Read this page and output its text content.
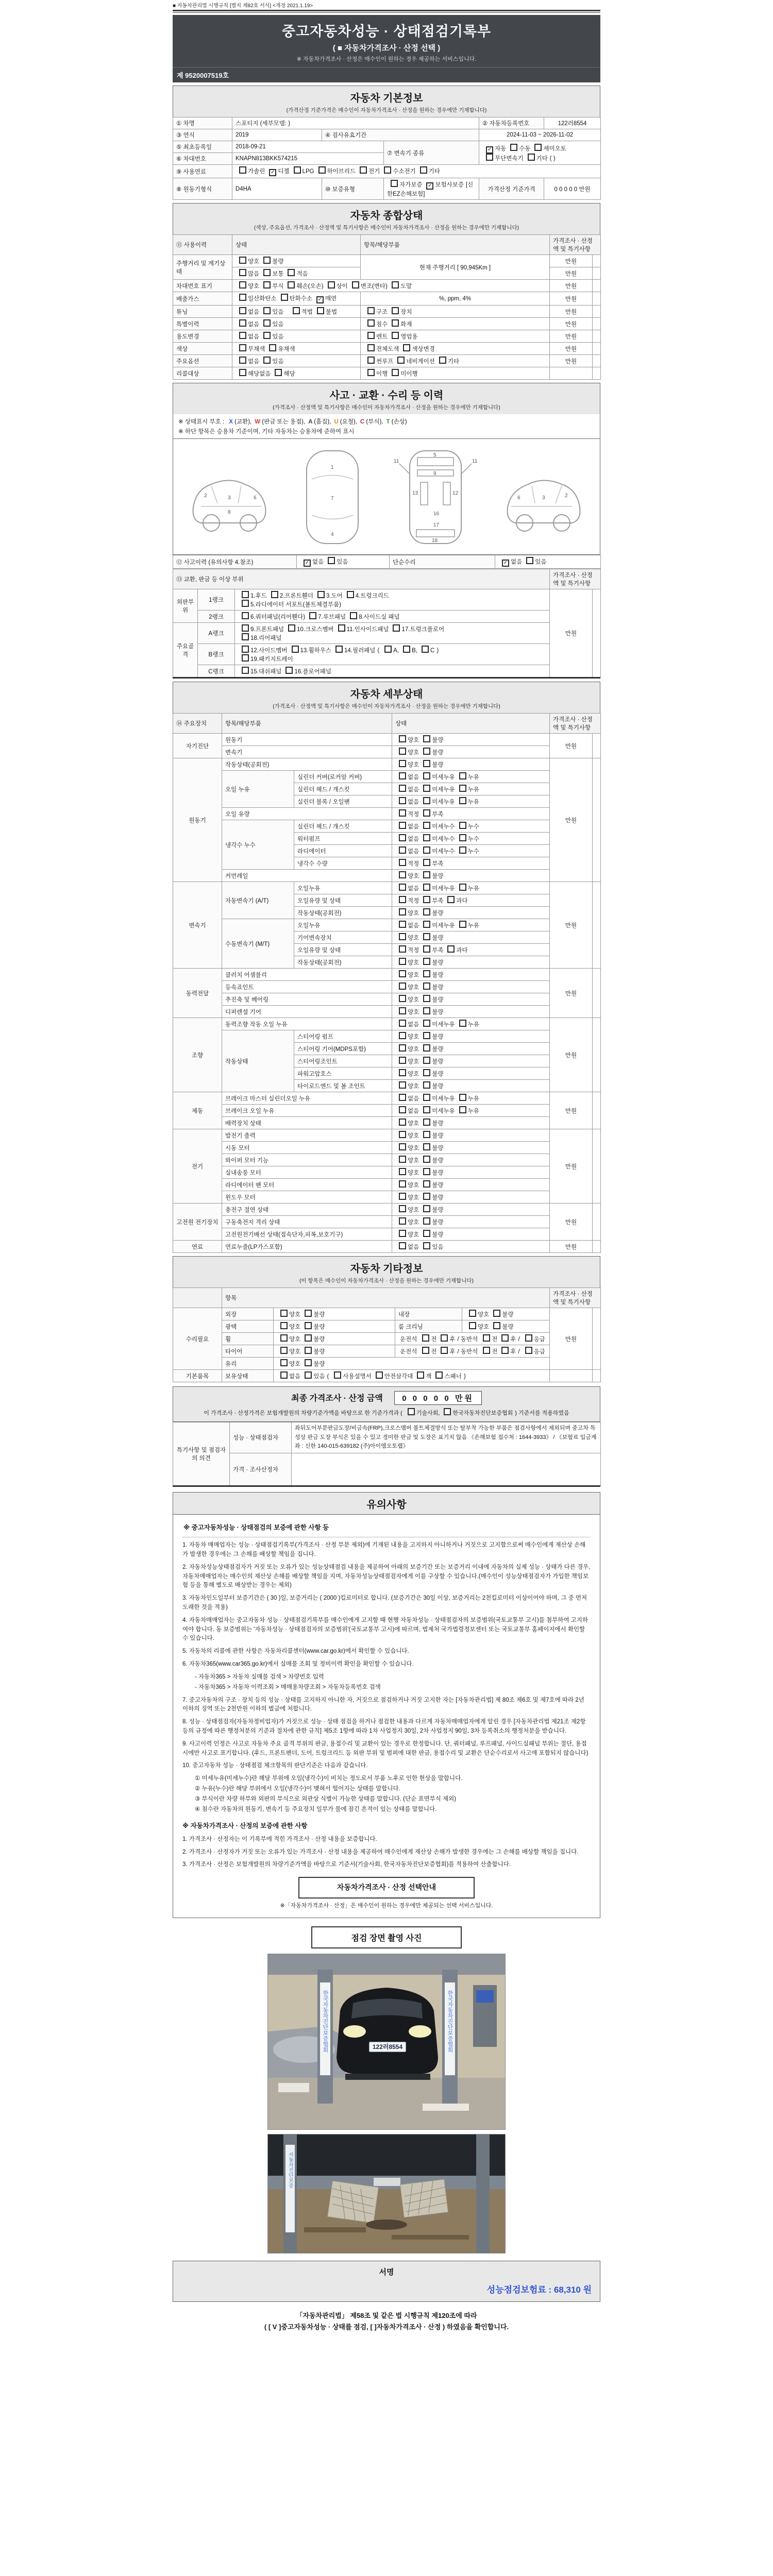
■ 자동차관리법 시행규칙 [별지 제82호 서식] <개정 2021.1.19>
중고자동차성능 · 상태점검기록부
( ■ 자동차가격조사 · 산정 선택 )
※ 자동차가격조사 · 산정은 매수인이 원하는 경우 제공하는 서비스입니다.
제 9520007519호
자동차 기본정보
(가격산정 기준가격은 매수인이 자동차가격조사 · 산정을 원하는 경우에만 기재합니다)
① 차명	스포티지 (세부모델: )			② 자동차등록번호	122러8554
③ 연식	2019	④ 검사유효기간		2024-11-03 ~ 2026-11-02	
⑤ 최초등록일	2018-09-21		⑦ 변속기 종류	✓자동 수동 세미오토
무단변속기 기타 ( )
⑥ 차대번호	KNAPN813BKK574215				
⑨ 사용연료	가솔린 ✓ 디젤 LPG 하이브리드 전기 수소전기 기타
⑧ 원동기형식	D4HA	⑩ 보증유형	자가보증 ✓ 보험사보증 [신한EZ손해보험]	가격산정 기준가격	0 0 0 0 0 만원
자동차 종합상태
(색상, 주요옵션, 가격조사 · 산정액 및 특기사항은 매수인이 자동차가격조사 · 산정을 원하는 경우에만 기재합니다)
⑪ 사용이력	상태	항목/해당부품	가격조사 · 산정액 및 특기사항	
주행거리 및 계기상태	양호 불량	현재 주행거리 [ 90,945Km ]	만원	
	많음 보통 적음		만원	
차대번호 표기	양호 부식 훼손(오손) 상이 변조(변타) 도말		만원	
배출가스	일산화탄소 탄화수소 ✓ 매연	%, ppm, 4%	만원	
튜닝	없음 있음 적법 불법	구조 장치	만원	
특별이력	없음 있음	침수 화재	만원	
용도변경	없음 있음	렌트 영업용	만원	
색상	무채색 유채색	전체도색 색상변경	만원	
주요옵션	없음 있음	썬루프 네비게이션 기타	만원	
리콜대상	해당없음 해당	이행 미이행		
사고 · 교환 · 수리 등 이력
(가격조사 · 산정액 및 특기사항은 매수인이 자동차가격조사 · 산정을 원하는 경우에만 기재합니다)
※ 상태표시 부호 : X (교환), W (판금 또는 용접), A (흠집), U (요철), C (부식), T (손상)
※ 하단 항목은 승용차 기준이며, 기타 자동차는 승용차에 준하여 표시
2	3	6
8
1
7
4
11
5
9
11
13	12
16
17
18
2
3
6
⑫ 사고이력 (유의사항 4.참조)	✓없음 있음	단순수리	✓없음 있음
⑬ 교환, 판금 등 이상 부위			가격조사 · 산정액 및 특기사항	
외판부위	1랭크	1.후드 2.프론트휀더 3.도어 4.트렁크리드
5.라디에이터 서포트(볼트체결부품)	만원	
	2랭크	6.쿼터패널(리어휀다) 7.루브패널 8.사이드실 패널		
주요골격	A랭크	9.프론트패널 10.크로스멤버 11.인사이드패널 17.트렁크플로어
18.리어패널		
	B랭크	12.사이드멤버 13.휠하우스 14.필러패널 ( A, B, C )
19.패키지트레이		
	C랭크	15.대쉬패널 16.플로어패널		
자동차 세부상태
(가격조사 · 산정액 및 특기사항은 매수인이 자동차가격조사 · 산정을 원하는 경우에만 기재합니다)
⑭ 주요장치	항목/해당부품		상태	가격조사 · 산정액 및 특기사항	
자기진단	원동기		양호 불량	만원	
	변속기		양호 불량		
원동기	작동상태(공회전)		양호 불량	만원	
	오일 누유	실린더 커버(로커암 커버)	없음 미세누유 누유		
		실린더 헤드 / 개스킷	없음 미세누유 누유		
		실린더 블록 / 오일팬	없음 미세누유 누유		
	오일 유량		적정 부족		
	냉각수 누수	실린더 헤드 / 개스킷	없음 미세누수 누수		
		워터펌프	없음 미세누수 누수		
		라디에이터	없음 미세누수 누수		
		냉각수 수량	적정 부족		
	커먼레일		양호 불량		
변속기	자동변속기 (A/T)	오일누유	없음 미세누유 누유	만원	
		오일유량 및 상태	적정 부족 과다		
		작동상태(공회전)	양호 불량		
	수동변속기 (M/T)	오일누유	없음 미세누유 누유		
		기어변속장치	양호 불량		
		오일유량 및 상태	적정 부족 과다		
		작동상태(공회전)	양호 불량		
동력전달	클러치 어셈블리		양호 불량	만원	
	등속죠인트		양호 불량		
	추진축 및 베어링		양호 불량		
	디퍼렌셜 기어		양호 불량		
조향	동력조향 작동 오일 누유		없음 미세누유 누유	만원	
	작동상태	스티어링 펌프	양호 불량		
		스티어링 기어(MDPS포함)	양호 불량		
		스티어링조인트	양호 불량		
		파워고압호스	양호 불량		
		타이로드엔드 및 볼 조인트	양호 불량		
제동	브레이크 마스터 실린더오일 누유		없음 미세누유 누유	만원	
	브레이크 오일 누유		없음 미세누유 누유		
	배력장치 상태		양호 불량		
전기	발전기 출력		양호 불량	만원	
	시동 모터		양호 불량		
	와이퍼 모터 기능		양호 불량		
	실내송풍 모터		양호 불량		
	라디에이터 팬 모터		양호 불량		
	윈도우 모터		양호 불량		
고전원 전기장치	충전구 절연 상태		양호 불량	만원	
	구동축전지 격리 상태		양호 불량		
	고전원전기배선 상태(접속단자,피복,보호기구)		양호 불량		
연료	연료누출(LP가스포함)		없음 있음	만원	
자동차 기타정보
(이 항목은 매수인이 자동차가격조사 · 산정을 원하는 경우에만 기재합니다)
	항목				가격조사 · 산정액 및 특기사항	
수리필요	외장	양호 불량	내장	양호 불량	만원	
	광택	양호 불량	룸 크리닝	양호 불량		
	휠	양호 불량	운전석 전 후 / 동반석 전 후 / 응급			
	타이어	양호 불량	운전석 전 후 / 동반석 전 후 / 응급			
	유리	양호 불량				
기본품목	보유상태	없음 있음 ( 사용설명서 안전삼각대 잭 스패너 )				
최종 가격조사 · 산정 금액 0 0 0 0 0 만원
이 가격조사 · 산정가격은 보험개발원의 차량기준가액을 바탕으로 한 기준가격과 ( 기술사회, 한국자동차진단보증협회 ) 기준서를 적용하였음
특기사항 및 점검자의 의견	성능 · 상태점검자	좌뒤도어부분판금도장/비금속(FRP),크로스멤버 볼트체결방식 또는 탈부착 가능한 부품은 점검사항에서 제외되며 중고차 특성상 판금 도장 부식은 있을 수 있고 경미한 판금 및 도장은 표기치 않음 《손해보험 접수처 : 1644-3933》 / 《보험료 입금계좌 : 신한 140-015-639182 (주)아이엠오토랩》
	가격 · 조사산정자	
유의사항
※ 중고자동차성능 · 상태점검의 보증에 관한 사항 등

1. 자동차 매매업자는 성능 · 상태점검기록부(가격조사 · 산정 부분 제외)에 기재된 내용을 고지하지 아니하거나 거짓으로 고지함으로써 매수인에게 재산상 손해가 발생한 경우에는 그 손해를 배상할 책임을 집니다.

2. 자동차성능상태점검자가 거짓 또는 오류가 있는 성능상태점검 내용을 제공하여 아래의 보증기간 또는 보증거리 이내에 자동차의 실제 성능 · 상태가 다른 경우, 자동차매매업자는 매수인의 재산상 손해를 배상할 책임을 지며, 자동차성능상태점검자에게 이를 구상할 수 있습니다.(매수인이 성능상태점검자가 가입한 책임보험 등을 통해 별도로 배상받는 경우는 제외)

3. 자동차인도일부터 보증기간은 ( 30 )일, 보증거리는 ( 2000 )킬로미터로 합니다. (보증기간은 30일 이상, 보증거리는 2천킬로미터 이상이어야 하며, 그 중 먼저 도래한 것을 적용)

4. 자동차매매업자는 중고자동차 성능 · 상태점검기록부를 매수인에게 고지할 때 현행 자동차성능 · 상태점검자의 보증범위(국토교통부 고시)를 첨부하여 고지하여야 합니다. 동 보증범위는 '자동차성능 · 상태점검자의 보증범위'(국토교통부 고시)에 따르며, 법제처 국가법령정보센터 또는 국토교통부 홈페이지에서 확인할 수 있습니다.

5. 자동차의 리콜에 관한 사항은 자동차리콜센터(www.car.go.kr)에서 확인할 수 있습니다.

6. 자동차365(www.car365.go.kr)에서 실매물 조회 및 정비이력 확인을 확인할 수 있습니다.

- 자동차365 > 자동차 실매물 검색 > 차량번호 입력

- 자동차365 > 자동차 이력조회 > 매매용차량조회 > 자동차등록번호 검색

7. 중고자동차의 구조 · 장치 등의 성능 · 상태를 고지하지 아니한 자, 거짓으로 점검하거나 거짓 고지한 자는 [자동차관리법] 제 80조 제6호 및 제7호에 따라 2년 이하의 징역 또는 2천만원 이하의 벌금에 처합니다.

8. 성능 · 상태점검자(자동차정비업자)가 거짓으로 성능 · 상태 점검을 하거나 점검한 내용과 다르게 자동차매매업자에게 알린 경우 [자동차관리법 제21조 제2항 등의 규정에 따른 행정처분의 기준과 절차에 관한 규칙] 제5조 1항에 따라 1차 사업정지 30일, 2차 사업정지 90일, 3차 등록취소의 행정처분을 받습니다.

9. 사고이력 인정은 사고로 자동차 주요 골격 부위의 판금, 용접수리 및 교환이 있는 경우로 한정합니다. 단, 쿼터패널, 루프패널, 사이드실패널 부위는 절단, 용접 시에만 사고로 표기합니다. (후드, 프론트펜더, 도어, 트렁크리드 등 외판 부위 및 범퍼에 대한 판금, 용접수리 및 교환은 단순수리로서 사고에 포함되지 않습니다)

10. 중고자동차 성능 · 상태점검 체크항목의 판단기준은 다음과 같습니다.

① 미세누유(미세누수)란 해당 부위에 오일(냉각수)이 비치는 정도로서 부품 노후로 인한 현상을 말합니다.

② 누유(누수)란 해당 부위에서 오일(냉각수)이 맺혀서 떨어지는 상태를 말합니다.

③ 부식이란 차량 하부와 외판의 부식으로 외관상 식별이 가능한 상태를 말합니다. (단순 표면부식 제외)

④ 침수란 자동차의 원동기, 변속기 등 주요장치 일부가 물에 잠긴 흔적이 있는 상태를 말합니다.

※ 자동차가격조사 · 산정의 보증에 관한 사항

1. 가격조사 · 산정자는 이 기록부에 적힌 가격조사 · 산정 내용을 보증합니다.

2. 가격조사 · 산정자가 거짓 또는 오류가 있는 가격조사 · 산정 내용을 제공하여 매수인에게 재산상 손해가 발생한 경우에는 그 손해를 배상할 책임을 집니다.

3. 가격조사 · 산정은 보험개발원의 차량기준가액을 바탕으로 기준서(기술사회, 한국자동차진단보증협회)를 적용하여 산출합니다.

자동차가격조사 · 산정 선택안내
※「자동차가격조사 · 산정」은 매수인이 원하는 경우에만 제공되는 선택 서비스입니다.
점검 장면 촬영 사진
한국자동차진단보증협회	한국자동차진단보증협회
122러8554
자동차진단보증
서명
성능점검보험료 : 68,310 원
「자동차관리법」 제58조 및 같은 법 시행규칙 제120조에 따라
( [ V ]중고자동차성능 · 상태를 점검, [ ]자동차가격조사 · 산정 ) 하였음을 확인합니다.
